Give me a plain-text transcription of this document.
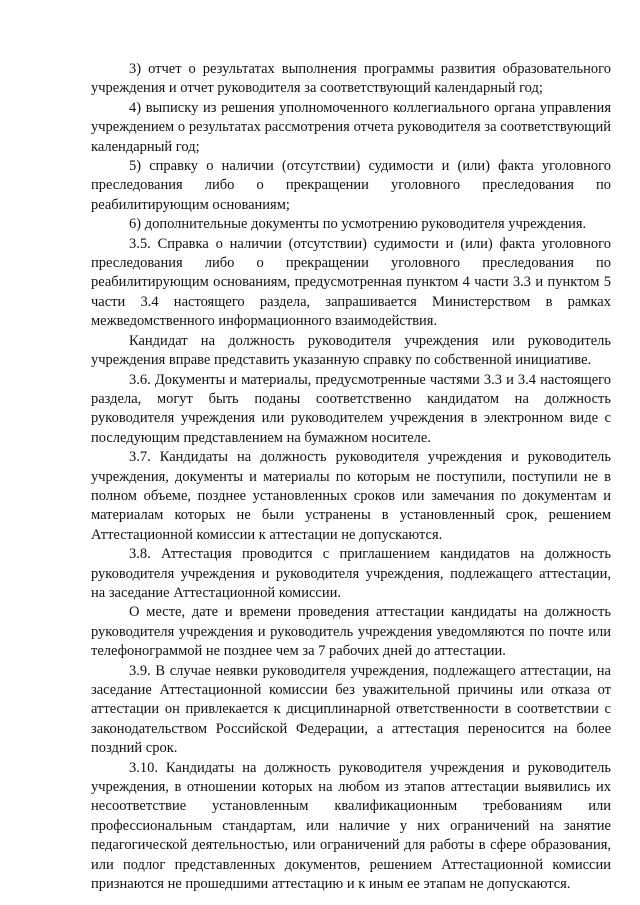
3) отчет о результатах выполнения программы развития образовательного учреждения и отчет руководителя за соответствующий календарный год;

4) выписку из решения уполномоченного коллегиального органа управления учреждением о результатах рассмотрения отчета руководителя за соответствующий календарный год;

5) справку о наличии (отсутствии) судимости и (или) факта уголовного преследования либо о прекращении уголовного преследования по реабилитирующим основаниям;

6) дополнительные документы по усмотрению руководителя учреждения.

3.5. Справка о наличии (отсутствии) судимости и (или) факта уголовного преследования либо о прекращении уголовного преследования по реабилитирующим основаниям, предусмотренная пунктом 4 части 3.3 и пунктом 5 части 3.4 настоящего раздела, запрашивается Министерством в рамках межведомственного информационного взаимодействия.

Кандидат на должность руководителя учреждения или руководитель учреждения вправе представить указанную справку по собственной инициативе.

3.6. Документы и материалы, предусмотренные частями 3.3 и 3.4 настоящего раздела, могут быть поданы соответственно кандидатом на должность руководителя учреждения или руководителем учреждения в электронном виде с последующим представлением на бумажном носителе.

3.7. Кандидаты на должность руководителя учреждения и руководитель учреждения, документы и материалы по которым не поступили, поступили не в полном объеме, позднее установленных сроков или замечания по документам и материалам которых не были устранены в установленный срок, решением Аттестационной комиссии к аттестации не допускаются.

3.8. Аттестация проводится с приглашением кандидатов на должность руководителя учреждения и руководителя учреждения, подлежащего аттестации, на заседание Аттестационной комиссии.

О месте, дате и времени проведения аттестации кандидаты на должность руководителя учреждения и руководитель учреждения уведомляются по почте или телефонограммой не позднее чем за 7 рабочих дней до аттестации.

3.9. В случае неявки руководителя учреждения, подлежащего аттестации, на заседание Аттестационной комиссии без уважительной причины или отказа от аттестации он привлекается к дисциплинарной ответственности в соответствии с законодательством Российской Федерации, а аттестация переносится на более поздний срок.

3.10. Кандидаты на должность руководителя учреждения и руководитель учреждения, в отношении которых на любом из этапов аттестации выявились их несоответствие установленным квалификационным требованиям или профессиональным стандартам, или наличие у них ограничений на занятие педагогической деятельностью, или ограничений для работы в сфере образования, или подлог представленных документов, решением Аттестационной комиссии признаются не прошедшими аттестацию и к иным ее этапам не допускаются.
